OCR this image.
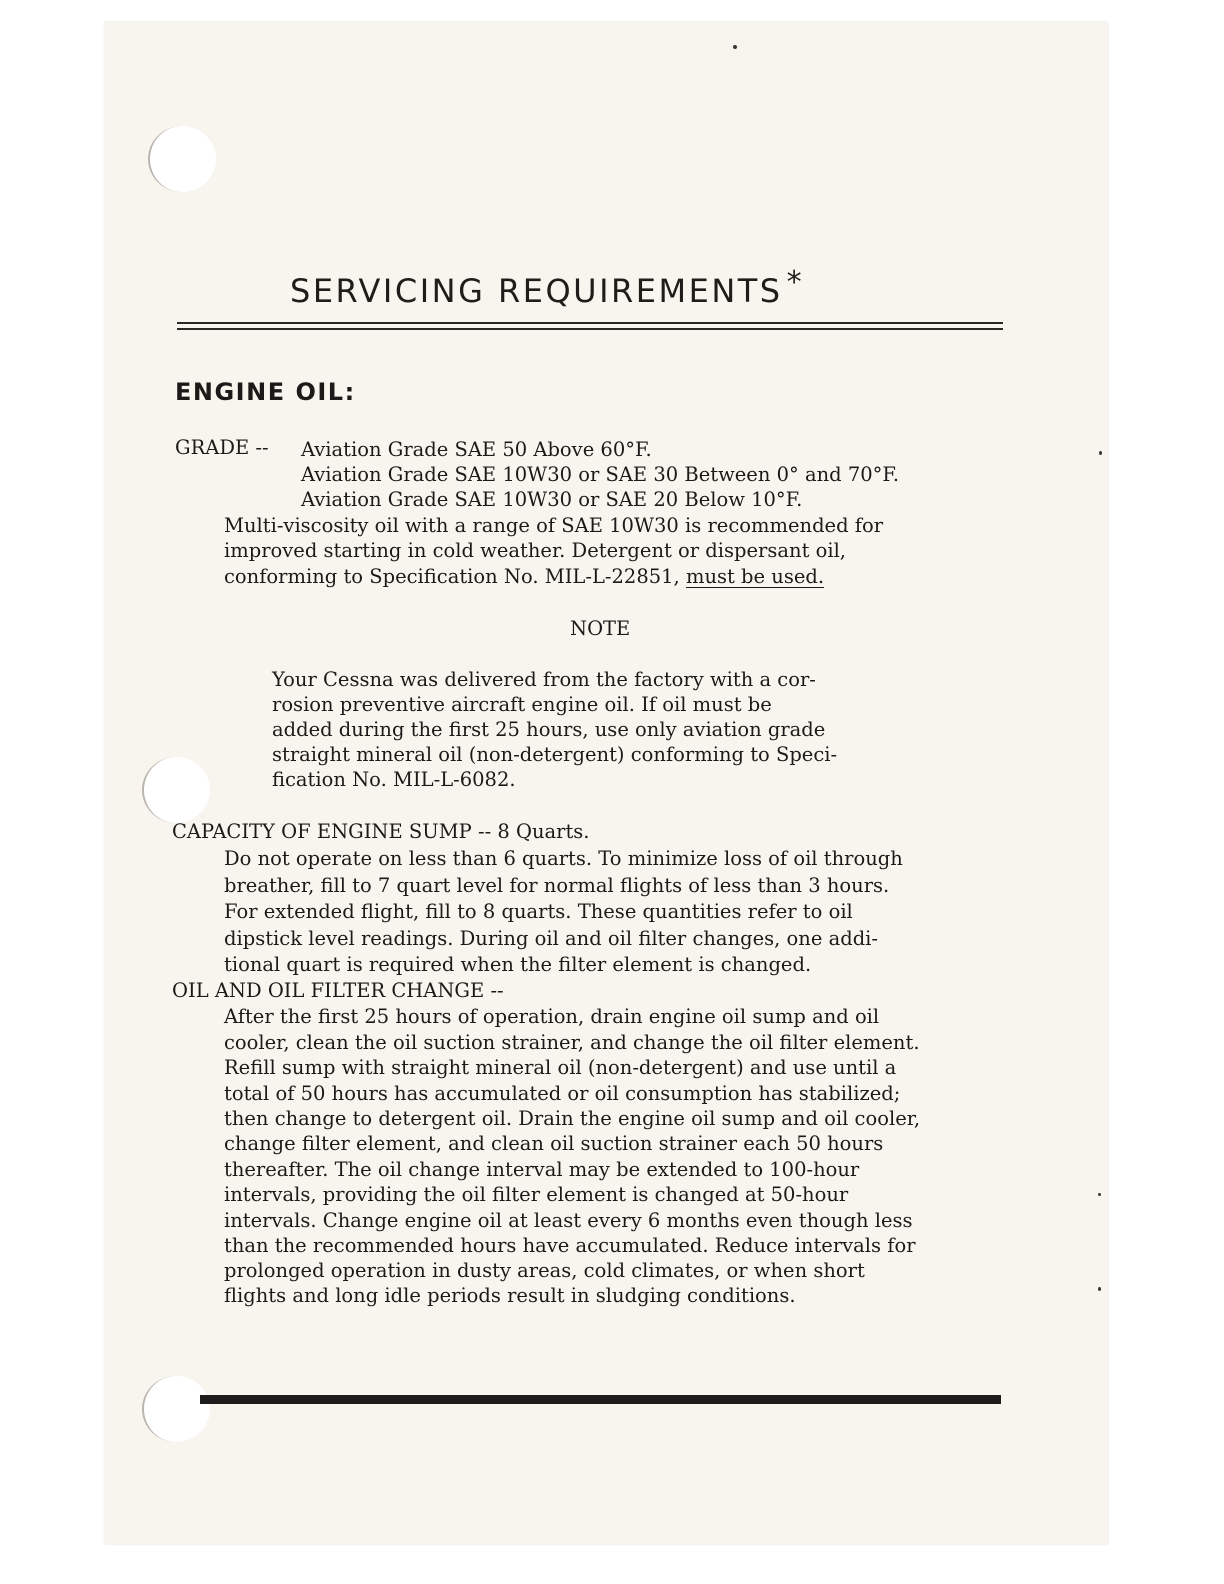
SERVICING REQUIREMENTS *
ENGINE OIL:
GRADE -- Aviation Grade SAE 50 Above 60°F.
Aviation Grade SAE 10W30 or SAE 30 Between 0° and 70°F.
Aviation Grade SAE 10W30 or SAE 20 Below 10°F.
Multi-viscosity oil with a range of SAE 10W30 is recommended for
improved starting in cold weather. Detergent or dispersant oil,
conforming to Specification No. MIL-L-22851, must be used.
NOTE
Your Cessna was delivered from the factory with a cor-
rosion preventive aircraft engine oil. If oil must be
added during the first 25 hours, use only aviation grade
straight mineral oil (non-detergent) conforming to Speci-
fication No. MIL-L-6082.
CAPACITY OF ENGINE SUMP -- 8 Quarts.
Do not operate on less than 6 quarts. To minimize loss of oil through
breather, fill to 7 quart level for normal flights of less than 3 hours.
For extended flight, fill to 8 quarts. These quantities refer to oil
dipstick level readings. During oil and oil filter changes, one addi-
tional quart is required when the filter element is changed.
OIL AND OIL FILTER CHANGE --
After the first 25 hours of operation, drain engine oil sump and oil
cooler, clean the oil suction strainer, and change the oil filter element.
Refill sump with straight mineral oil (non-detergent) and use until a
total of 50 hours has accumulated or oil consumption has stabilized;
then change to detergent oil. Drain the engine oil sump and oil cooler,
change filter element, and clean oil suction strainer each 50 hours
thereafter. The oil change interval may be extended to 100-hour
intervals, providing the oil filter element is changed at 50-hour
intervals. Change engine oil at least every 6 months even though less
than the recommended hours have accumulated. Reduce intervals for
prolonged operation in dusty areas, cold climates, or when short
flights and long idle periods result in sludging conditions.
